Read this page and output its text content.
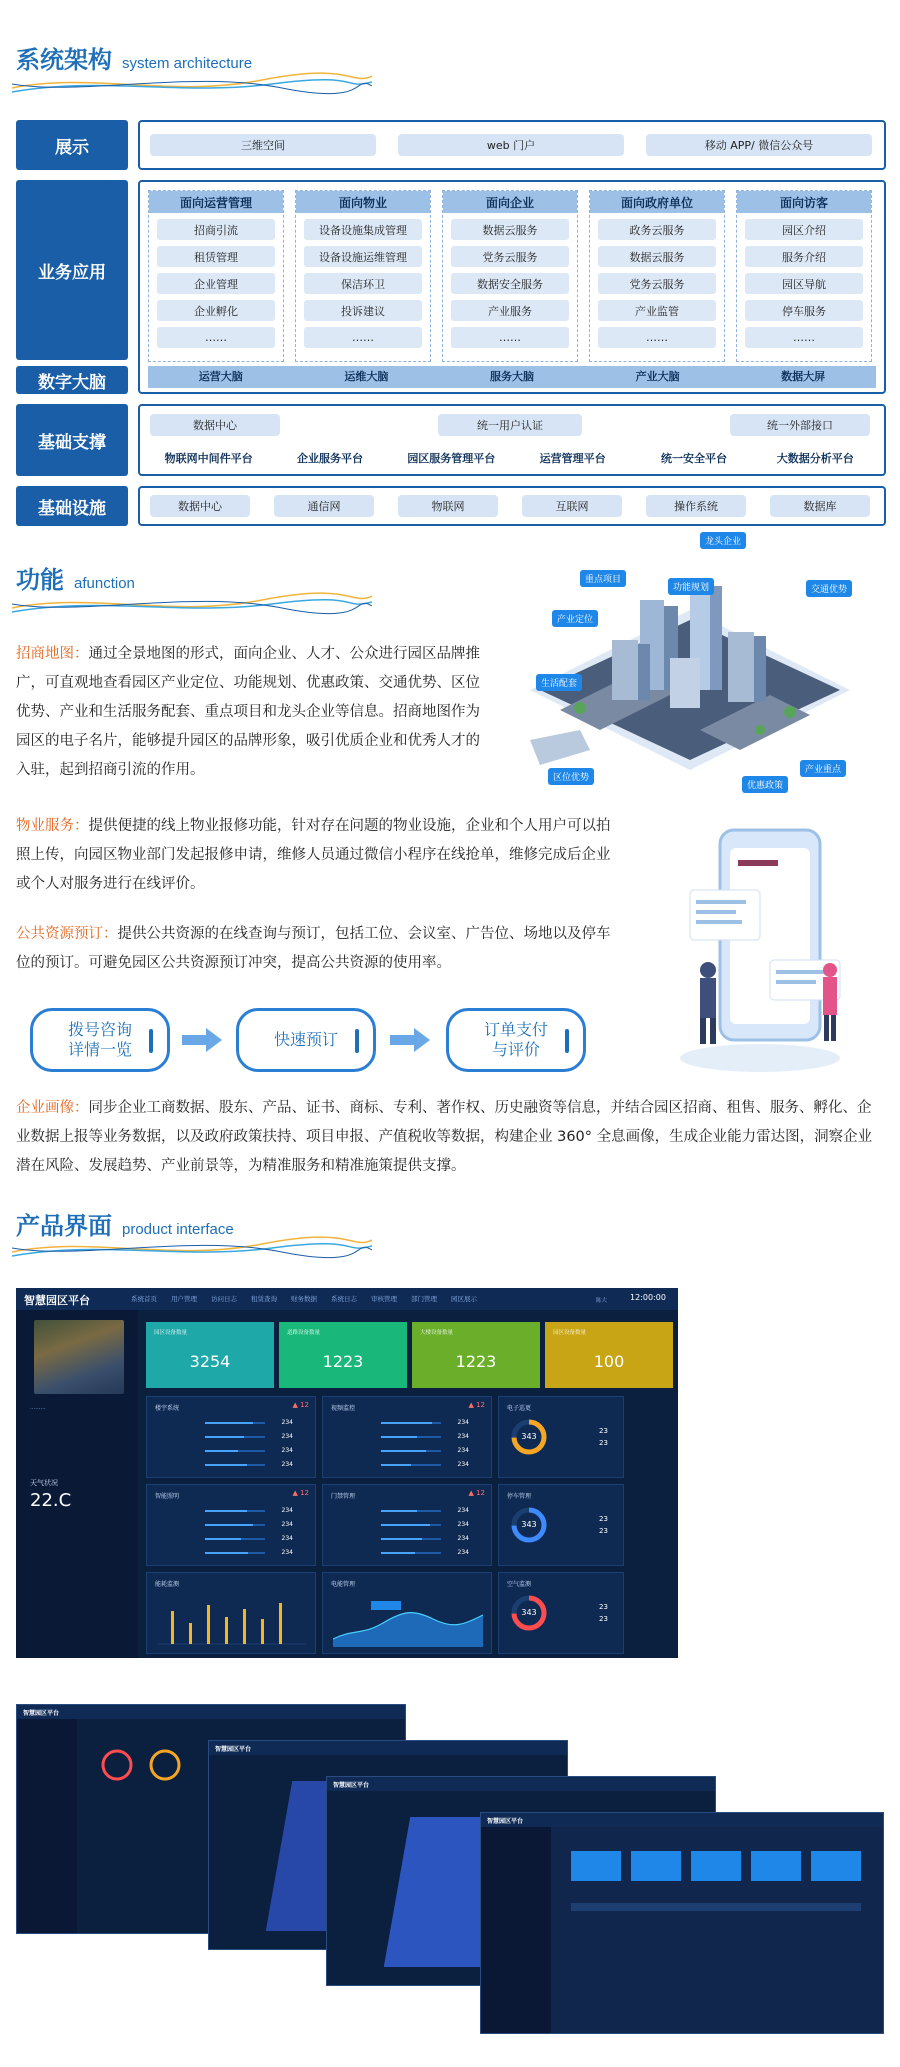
系统架构 system architecture
展示	三维空间	web 门户	移动 APP/ 微信公众号
业务应用
面向运营管理
招商引流
租赁管理
企业管理
企业孵化
……
面向物业
设备设施集成管理
设备设施运维管理
保洁环卫
投诉建议
……
面向企业
数据云服务
党务云服务
数据安全服务
产业服务
……
面向政府单位
政务云服务
数据云服务
党务云服务
产业监管
……
面向访客
园区介绍
服务介绍
园区导航
停车服务
……
运营大脑	运维大脑	服务大脑	产业大脑	数据大屏
数字大脑
基础支撑
数据中心	统一用户认证	统一外部接口
物联网中间件平台	企业服务平台	园区服务管理平台	运营管理平台	统一安全平台	大数据分析平台
基础设施	数据中心	通信网	物联网	互联网	操作系统	数据库
功能 afunction
招商地图：通过全景地图的形式，面向企业、人才、公众进行园区品牌推广，可直观地查看园区产业定位、功能规划、优惠政策、交通优势、区位优势、产业和生活服务配套、重点项目和龙头企业等信息。招商地图作为园区的电子名片，能够提升园区的品牌形象，吸引优质企业和优秀人才的入驻，起到招商引流的作用。
龙头企业
重点项目
功能规划	交通优势
产业定位
生活配套
区位优势
优惠政策
产业重点
物业服务：提供便捷的线上物业报修功能，针对存在问题的物业设施，企业和个人用户可以拍照上传，向园区物业部门发起报修申请，维修人员通过微信小程序在线抢单，维修完成后企业或个人对服务进行在线评价。
公共资源预订：提供公共资源的在线查询与预订，包括工位、会议室、广告位、场地以及停车位的预订。可避免园区公共资源预订冲突，提高公共资源的使用率。
拨号咨询
详情一览
快速预订
订单支付
与评价
企业画像：同步企业工商数据、股东、产品、证书、商标、专利、著作权、历史融资等信息，并结合园区招商、租售、服务、孵化、企业数据上报等业务数据，以及政府政策扶持、项目申报、产值税收等数据，构建企业 360° 全息画像，生成企业能力雷达图，洞察企业潜在风险、发展趋势、产业前景等，为精准服务和精准施策提供支撑。
产品界面 product interface
智慧园区平台	系统首页 用户管理 访问日志 租赁查询 财务数据 系统日志 审核管理 部门管理 园区展示	陈大	12:00:00
·········
天气状况
22.C
园区设备数量
3254
道路设备数量
1223
大楼设备数量
1223
园区设备数量
100
楼宇系统	▲ 12
234
234
234
234
视频监控	▲ 12
234
234
234
234
电子巡更
343
23
23
智能照明	▲ 12
234
234
234
234
门禁管理	▲ 12
234
234
234
234
停车管理
343
23
23
能耗监测	电能管理	空气监测
343
23
23
智慧园区平台
智慧园区平台
智慧园区平台
智慧园区平台
